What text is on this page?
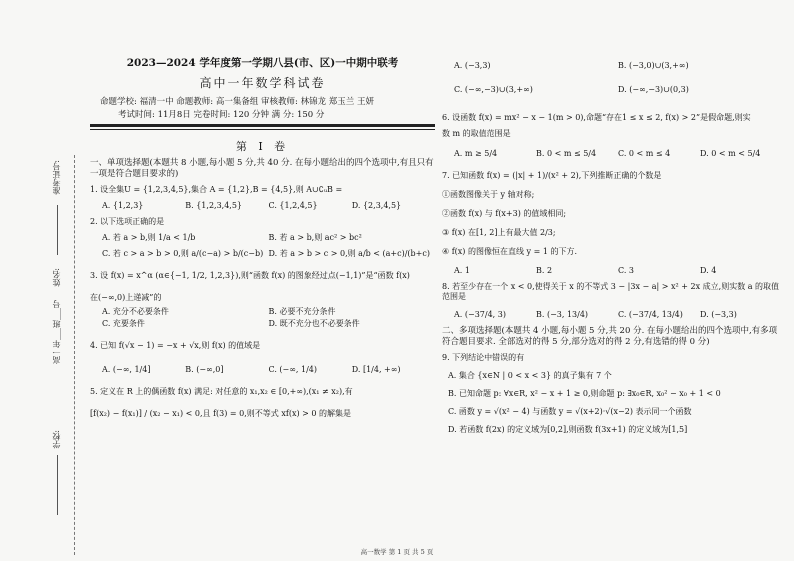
准考证号:
姓名:
高一年___班___号
学校:
2023—2024 学年度第一学期八县(市、区)一中期中联考
高中一年数学科试卷
命题学校: 福清一中 命题教师: 高一集备组 审核教师: 林锦龙 郑玉兰 王妍
考试时间: 11月8日 完卷时间: 120 分钟 满 分: 150 分
第 I 卷
一、单项选择题(本题共 8 小题,每小题 5 分,共 40 分. 在每小题给出的四个选项中,有且只有一项是符合题目要求的)
1. 设全集U = {1,2,3,4,5},集合 A = {1,2},B = {4,5},则 A∪∁ᵤB =
A. {1,2,3}	B. {1,2,3,4,5}	C. {1,2,4,5}	D. {2,3,4,5}
2. 以下选项正确的是
A. 若 a > b,则 1/a < 1/b	B. 若 a > b,则 ac² > bc²
C. 若 c > a > b > 0,则 a/(c−a) > b/(c−b) D. 若 a > b > c > 0,则 a/b < (a+c)/(b+c)
3. 设 f(x) = x^α (α∈{−1, 1/2, 1,2,3}),则“函数 f(x) 的图象经过点(−1,1)”是“函数 f(x)
在(−∞,0)上递减”的
A. 充分不必要条件	B. 必要不充分条件
C. 充要条件	D. 既不充分也不必要条件
4. 已知 f(√x − 1) = −x + √x,则 f(x) 的值域是
A. (−∞, 1/4]	B. (−∞,0]	C. (−∞, 1/4)	D. [1/4, +∞)
5. 定义在 R 上的偶函数 f(x) 满足: 对任意的 x₁,x₂ ∈ [0,+∞),(x₁ ≠ x₂),有
[f(x₂) − f(x₁)] / (x₂ − x₁) < 0,且 f(3) = 0,则不等式 xf(x) > 0 的解集是
A. (−3,3)	B. (−3,0)∪(3,+∞)
C. (−∞,−3)∪(3,+∞)	D. (−∞,−3)∪(0,3)
6. 设函数 f(x) = mx² − x − 1(m > 0),命题“存在1 ≤ x ≤ 2, f(x) > 2”是假命题,则实
数 m 的取值范围是
A. m ≥ 5/4	B. 0 < m ≤ 5/4	C. 0 < m ≤ 4	D. 0 < m < 5/4
7. 已知函数 f(x) = (|x| + 1)/(x² + 2),下列推断正确的个数是
①函数图像关于 y 轴对称;
②函数 f(x) 与 f(x+3) 的值域相同;
③ f(x) 在[1, 2]上有最大值 2/3;
④ f(x) 的图像恒在直线 y = 1 的下方.
A. 1	B. 2	C. 3	D. 4
8. 若至少存在一个 x < 0,使得关于 x 的不等式 3 − |3x − a| > x² + 2x 成立,则实数 a 的取值范围是
A. (−37/4, 3)	B. (−3, 13/4)	C. (−37/4, 13/4)	D. (−3,3)
二、多项选择题(本题共 4 小题,每小题 5 分,共 20 分. 在每小题给出的四个选项中,有多项符合题目要求. 全部选对的得 5 分,部分选对的得 2 分,有选错的得 0 分)
9. 下列结论中错误的有
A. 集合 {x∈N | 0 < x < 3} 的真子集有 7 个
B. 已知命题 p: ∀x∈R, x² − x + 1 ≥ 0,则命题 p: ∃x₀∈R, x₀² − x₀ + 1 < 0
C. 函数 y = √(x² − 4) 与函数 y = √(x+2)·√(x−2) 表示同一个函数
D. 若函数 f(2x) 的定义域为[0,2],则函数 f(3x+1) 的定义域为[1,5]
高一数学 第 1 页 共 5 页
